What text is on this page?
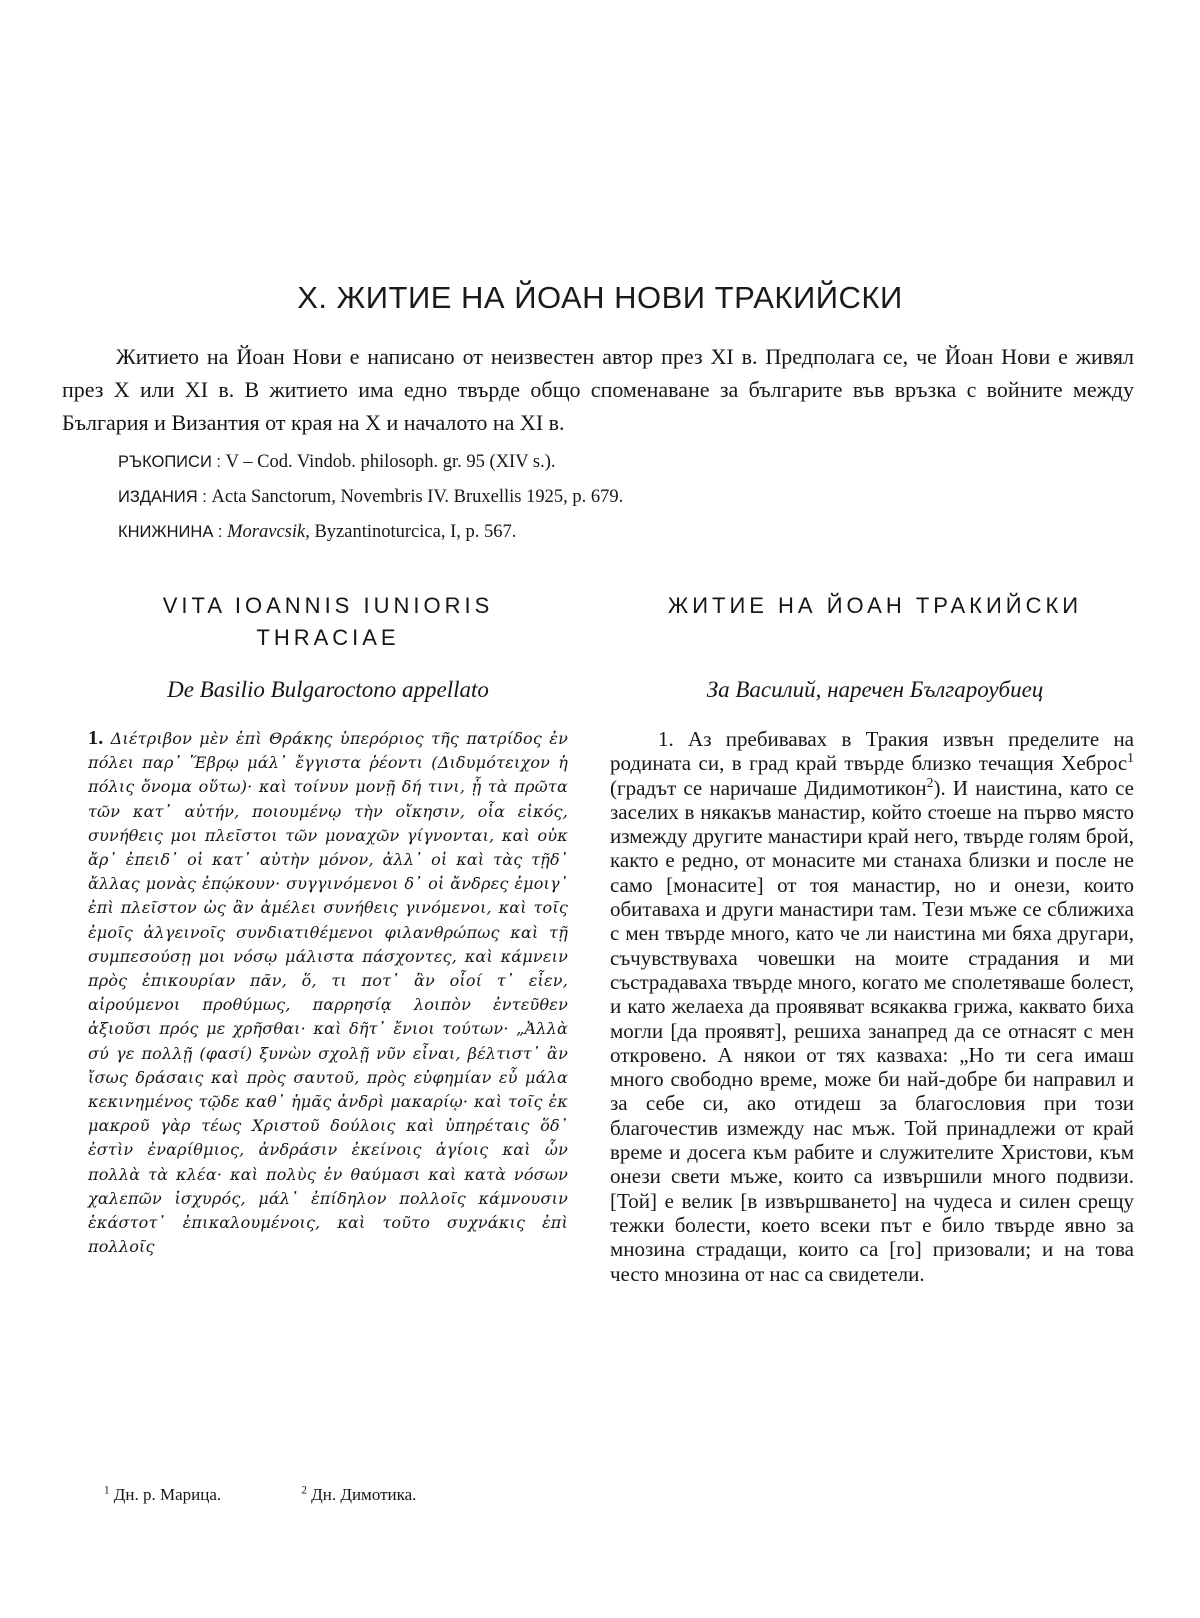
X. ЖИТИЕ НА ЙОАН НОВИ ТРАКИЙСКИ

Житието на Йоан Нови е написано от неизвестен автор през XI в. Предполага се, че Йоан Нови е живял през X или XI в. В житието има едно твърде общо споменаване за българите във връзка с войните между България и Византия от края на X и началото на XI в.

РЪКОПИСИ : V – Cod. Vindob. philosoph. gr. 95 (XIV s.).
ИЗДАНИЯ : Acta Sanctorum, Novembris IV. Bruxellis 1925, p. 679.
КНИЖНИНА : Moravcsik, Byzantinoturcica, I, p. 567.
VITA IOANNIS IUNIORIS THRACIAE
ЖИТИЕ НА ЙОАН ТРАКИЙСКИ
De Basilio Bulgaroctono appellato	За Василий, наречен Българоубиец

1. Διέτριβον μὲν ἐπὶ Θράκης ὑπερόριος τῆς πατρίδος ἐν πόλει παρ᾽ Ἕβρῳ μάλ᾽ ἔγγιστα ῥέοντι (Διδυμότειχον ἡ πόλις ὄνομα οὕτω)· καὶ τοίνυν μονῇ δή τινι, ᾗ τὰ πρῶτα τῶν κατ᾽ αὐτήν, ποιουμένῳ τὴν οἴκησιν, οἷα εἰκός, συνήθεις μοι πλεῖστοι τῶν μοναχῶν γίγνονται, καὶ οὐκ ἄρ᾽ ἐπειδ᾽ οἱ κατ᾽ αὐτὴν μόνον, ἀλλ᾽ οἱ καὶ τὰς τῇδ᾽ ἄλλας μονὰς ἐπῴκουν· συγγινόμενοι δ᾽ οἱ ἄνδρες ἐμοιγ᾽ ἐπὶ πλεῖστον ὡς ἂν ἀμέλει συνήθεις γινόμενοι, καὶ τοῖς ἐμοῖς ἀλγεινοῖς συνδιατιθέμενοι φιλανθρώπως καὶ τῇ συμπεσούσῃ μοι νόσῳ μάλιστα πάσχοντες, καὶ κάμνειν πρὸς ἐπικουρίαν πᾶν, ὅ, τι ποτ᾽ ἂν οἷοί τ᾽ εἶεν, αἱρούμενοι προθύμως, παρρησίᾳ λοιπὸν ἐντεῦθεν ἀξιοῦσι πρός με χρῆσθαι· καὶ δῆτ᾽ ἔνιοι τούτων· „Ἀλλὰ σύ γε πολλῇ (φασί) ξυνὼν σχολῇ νῦν εἶναι, βέλτιστ᾽ ἂν ἴσως δράσαις καὶ πρὸς σαυτοῦ, πρὸς εὐφημίαν εὖ μάλα κεκινημένος τῷδε καθ᾽ ἡμᾶς ἀνδρὶ μακαρίῳ· καὶ τοῖς ἐκ μακροῦ γὰρ τέως Χριστοῦ δούλοις καὶ ὑπηρέταις ὅδ᾽ ἐστὶν ἐναρίθμιος, ἀνδράσιν ἐκείνοις ἁγίοις καὶ ὧν πολλὰ τὰ κλέα· καὶ πολὺς ἐν θαύμασι καὶ κατὰ νόσων χαλεπῶν ἰσχυρός, μάλ᾽ ἐπίδηλον πολλοῖς κάμνουσιν ἑκάστοτ᾽ ἐπικαλουμένοις, καὶ τοῦτο συχνάκις ἐπὶ πολλοῖς

1. Аз пребивавах в Тракия извън пределите на родината си, в град край твърде близко течащия Хеброс$^1$ (градът се наричаше Дидимотикон$^2$). И наистина, като се заселих в някакъв манастир, който стоеше на първо място измежду другите манастири край него, твърде голям брой, както е редно, от монасите ми станаха близки и после не само [монасите] от тоя манастир, но и онези, които обитаваха и други манастири там. Тези мъже се сближиха с мен твърде много, като че ли наистина ми бяха другари, съчувствуваха човешки на моите страдания и ми състрадаваха твърде много, когато ме сполетяваше болест, и като желаеха да проявяват всякаква грижа, каквато биха могли [да проявят], решиха занапред да се отнасят с мен откровено. А някои от тях казваха: „Но ти сега имаш много свободно време, може би най-добре би направил и за себе си, ако отидеш за благословия при този благочестив измежду нас мъж. Той принадлежи от край време и досега към рабите и служителите Христови, към онези свети мъже, които са извършили много подвизи. [Той] е велик [в извършването] на чудеса и силен срещу тежки болести, което всеки път е било твърде явно за мнозина страдащи, които са [го] призовали; и на това често мнозина от нас са свидетели.

$^1$ Дн. р. Марица.	$^2$ Дн. Димотика.
